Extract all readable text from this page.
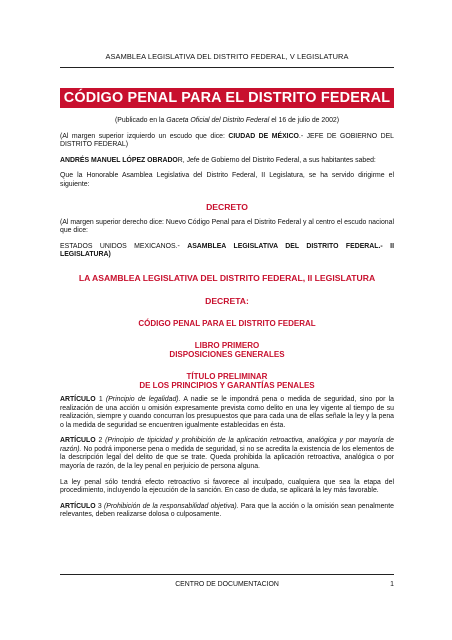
ASAMBLEA LEGISLATIVA DEL DISTRITO FEDERAL, V LEGISLATURA
CÓDIGO PENAL PARA EL DISTRITO FEDERAL
(Publicado en la Gaceta Oficial del Distrito Federal el 16 de julio de 2002)
(Al margen superior izquierdo un escudo que dice: CIUDAD DE MÉXICO.- JEFE DE GOBIERNO DEL DISTRITO FEDERAL)
ANDRÉS MANUEL LÓPEZ OBRADOR, Jefe de Gobierno del Distrito Federal, a sus habitantes sabed:
Que la Honorable Asamblea Legislativa del Distrito Federal, II Legislatura, se ha servido dirigirme el siguiente:
DECRETO
(Al margen superior derecho dice: Nuevo Código Penal para el Distrito Federal y al centro el escudo nacional que dice:
ESTADOS UNIDOS MEXICANOS.- ASAMBLEA LEGISLATIVA DEL DISTRITO FEDERAL.- II LEGISLATURA)
LA ASAMBLEA LEGISLATIVA DEL DISTRITO FEDERAL, II LEGISLATURA
DECRETA:
CÓDIGO PENAL PARA EL DISTRITO FEDERAL
LIBRO PRIMERO
DISPOSICIONES GENERALES
TÍTULO PRELIMINAR
DE LOS PRINCIPIOS Y GARANTÍAS PENALES
ARTÍCULO 1 (Principio de legalidad). A nadie se le impondrá pena o medida de seguridad, sino por la realización de una acción u omisión expresamente prevista como delito en una ley vigente al tiempo de su realización, siempre y cuando concurran los presupuestos que para cada una de ellas señale la ley y la pena o la medida de seguridad se encuentren igualmente establecidas en ésta.
ARTÍCULO 2 (Principio de tipicidad y prohibición de la aplicación retroactiva, analógica y por mayoría de razón). No podrá imponerse pena o medida de seguridad, si no se acredita la existencia de los elementos de la descripción legal del delito de que se trate. Queda prohibida la aplicación retroactiva, analógica o por mayoría de razón, de la ley penal en perjuicio de persona alguna.
La ley penal sólo tendrá efecto retroactivo si favorece al inculpado, cualquiera que sea la etapa del procedimiento, incluyendo la ejecución de la sanción. En caso de duda, se aplicará la ley más favorable.
ARTÍCULO 3 (Prohibición de la responsabilidad objetiva). Para que la acción o la omisión sean penalmente relevantes, deben realizarse dolosa o culposamente.
CENTRO DE DOCUMENTACION	1
